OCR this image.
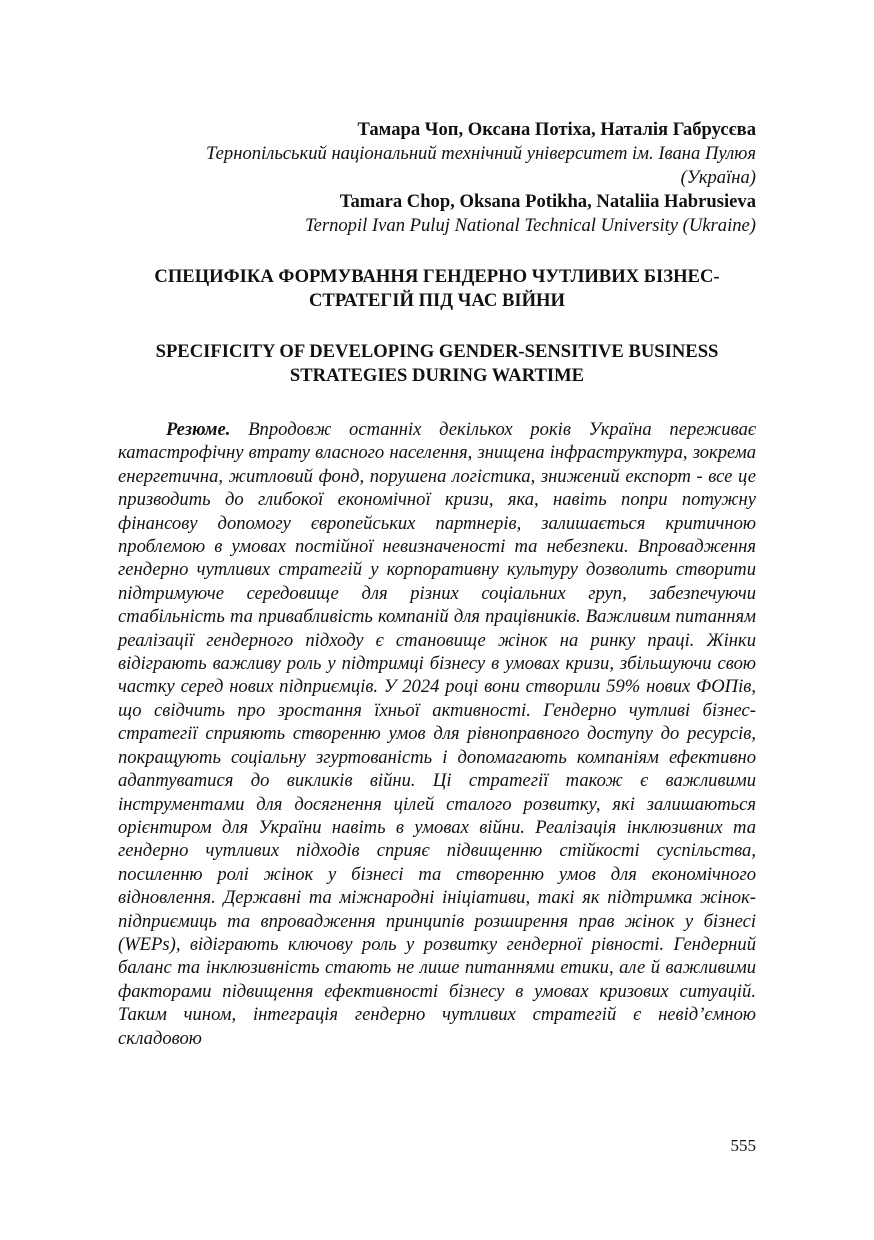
Тамара Чоп, Оксана Потіха, Наталія Габрусєва
Тернопільський національний технічний університет ім. Івана Пулюя
(Україна)
Tamara Chop, Oksana Potikha, Nataliia Habrusieva
Ternopil Ivan Puluj National Technical University (Ukraine)
СПЕЦИФІКА ФОРМУВАННЯ ГЕНДЕРНО ЧУТЛИВИХ БІЗНЕС-
СТРАТЕГІЙ ПІД ЧАС ВІЙНИ
SPECIFICITY OF DEVELOPING GENDER-SENSITIVE BUSINESS
STRATEGIES DURING WARTIME

Резюме. Впродовж останніх декількох років Україна переживає катастрофічну втрату власного населення, знищена інфраструктура, зокрема енергетична, житловий фонд, порушена логістика, знижений експорт - все це призводить до глибокої економічної кризи, яка, навіть попри потужну фінансову допомогу європейських партнерів, залишається критичною проблемою в умовах постійної невизначеності та небезпеки. Впровадження гендерно чутливих стратегій у корпоративну культуру дозволить створити підтримуюче середовище для різних соціальних груп, забезпечуючи стабільність та привабливість компаній для працівників. Важливим питанням реалізації гендерного підходу є становище жінок на ринку праці. Жінки відіграють важливу роль у підтримці бізнесу в умовах кризи, збільшуючи свою частку серед нових підприємців. У 2024 році вони створили 59% нових ФОПів, що свідчить про зростання їхньої активності. Гендерно чутливі бізнес-стратегії сприяють створенню умов для рівноправного доступу до ресурсів, покращують соціальну згуртованість і допомагають компаніям ефективно адаптуватися до викликів війни. Ці стратегії також є важливими інструментами для досягнення цілей сталого розвитку, які залишаються орієнтиром для України навіть в умовах війни. Реалізація інклюзивних та гендерно чутливих підходів сприяє підвищенню стійкості суспільства, посиленню ролі жінок у бізнесі та створенню умов для економічного відновлення. Державні та міжнародні ініціативи, такі як підтримка жінок-підприємиць та впровадження принципів розширення прав жінок у бізнесі (WEPs), відіграють ключову роль у розвитку гендерної рівності. Гендерний баланс та інклюзивність стають не лише питаннями етики, але й важливими факторами підвищення ефективності бізнесу в умовах кризових ситуацій. Таким чином, інтеграція гендерно чутливих стратегій є невід’ємною складовою

555
